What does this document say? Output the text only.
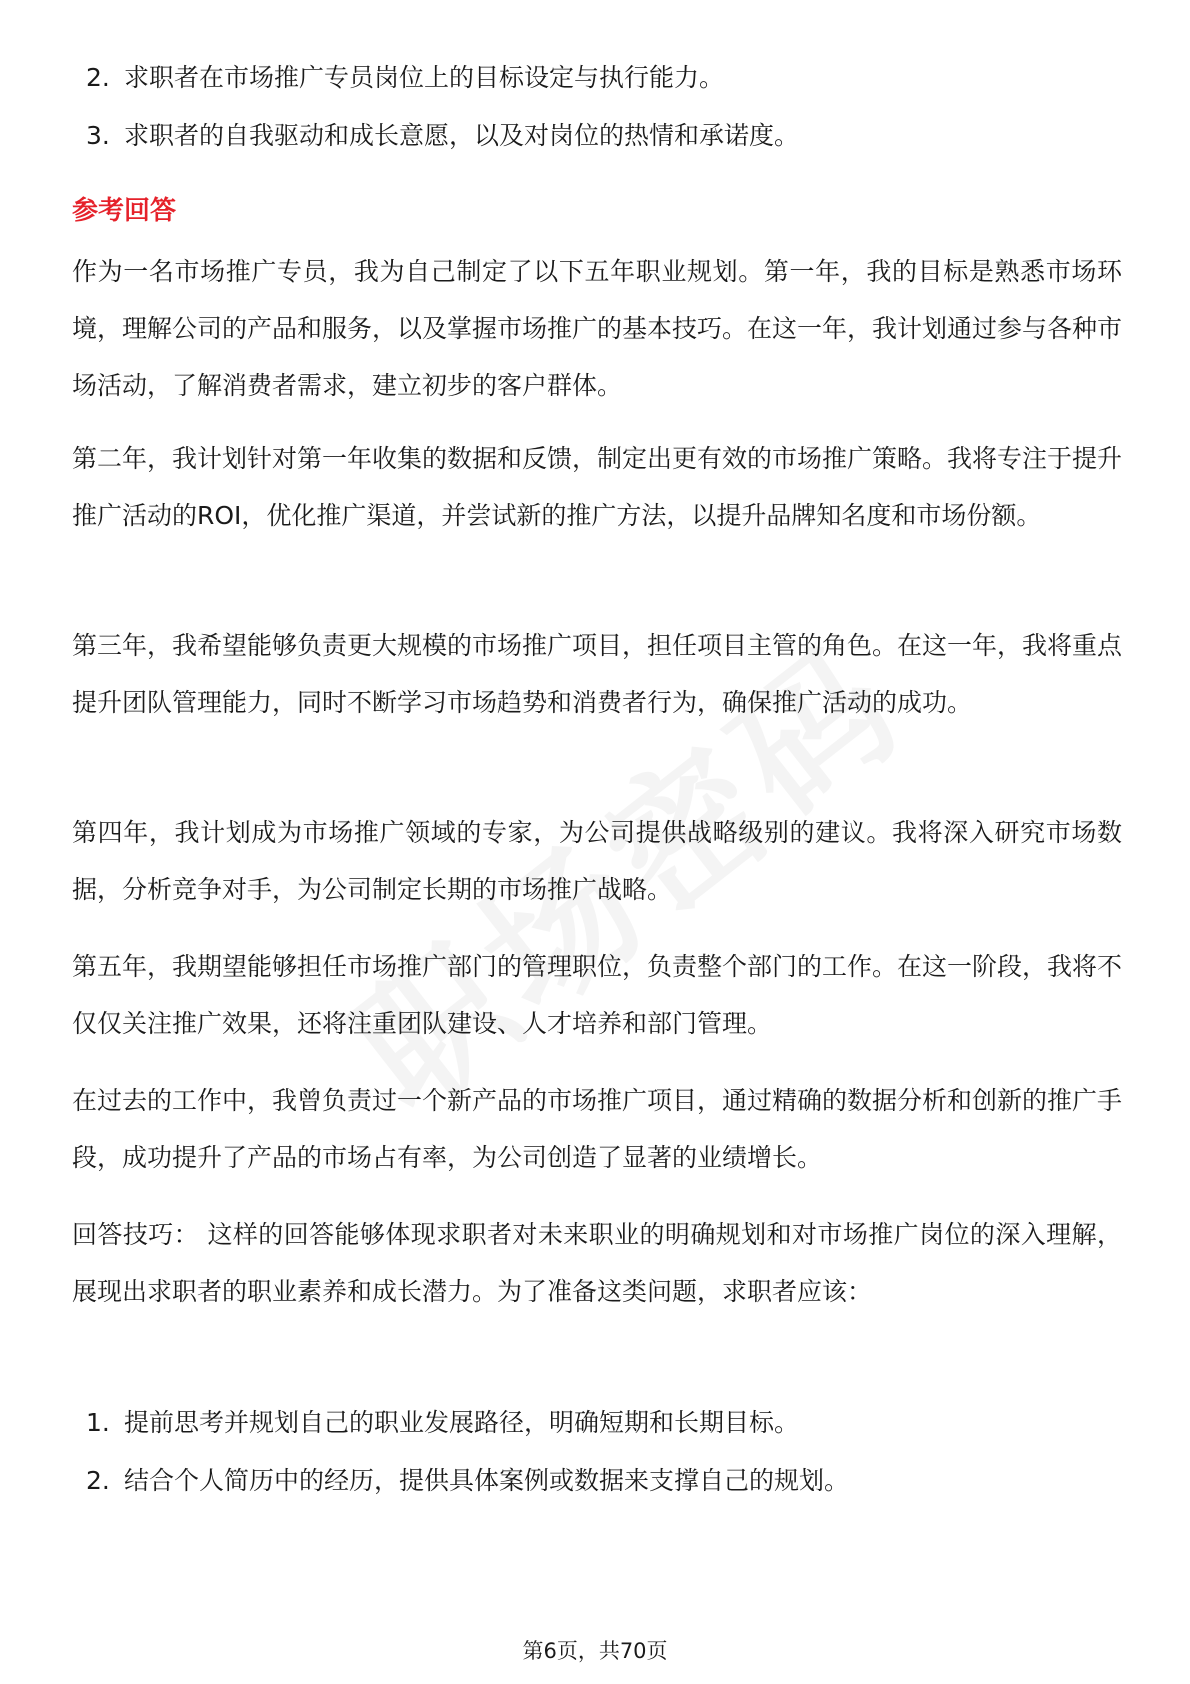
2. 求职者在市场推广专员岗位上的目标设定与执行能力。
3. 求职者的自我驱动和成长意愿，以及对岗位的热情和承诺度。
参考回答

作为一名市场推广专员，我为自己制定了以下五年职业规划。第一年，我的目标是熟悉市场环境，理解公司的产品和服务，以及掌握市场推广的基本技巧。在这一年，我计划通过参与各种市场活动，了解消费者需求，建立初步的客户群体。

第二年，我计划针对第一年收集的数据和反馈，制定出更有效的市场推广策略。我将专注于提升推广活动的ROI，优化推广渠道，并尝试新的推广方法，以提升品牌知名度和市场份额。

第三年，我希望能够负责更大规模的市场推广项目，担任项目主管的角色。在这一年，我将重点提升团队管理能力，同时不断学习市场趋势和消费者行为，确保推广活动的成功。

第四年，我计划成为市场推广领域的专家，为公司提供战略级别的建议。我将深入研究市场数据，分析竞争对手，为公司制定长期的市场推广战略。

第五年，我期望能够担任市场推广部门的管理职位，负责整个部门的工作。在这一阶段，我将不仅仅关注推广效果，还将注重团队建设、人才培养和部门管理。

在过去的工作中，我曾负责过一个新产品的市场推广项目，通过精确的数据分析和创新的推广手段，成功提升了产品的市场占有率，为公司创造了显著的业绩增长。

回答技巧： 这样的回答能够体现求职者对未来职业的明确规划和对市场推广岗位的深入理解，展现出求职者的职业素养和成长潜力。为了准备这类问题，求职者应该：

1. 提前思考并规划自己的职业发展路径，明确短期和长期目标。
2. 结合个人简历中的经历，提供具体案例或数据来支撑自己的规划。
第6页，共70页
